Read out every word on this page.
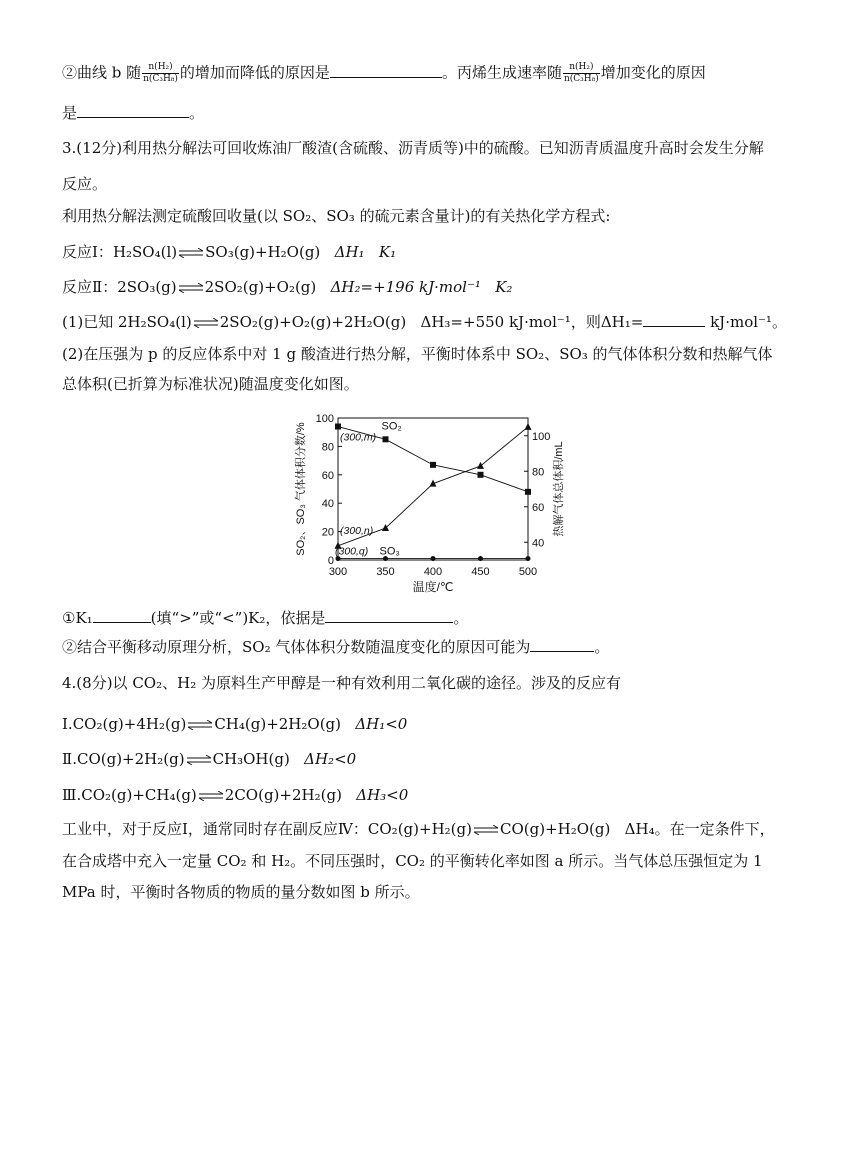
②曲线 b 随 $\frac{\text{n(H₂)}}{\text{n(C₃H₈)}}$ 的增加而降低的原因是	。丙烯生成速率随 $\frac{\text{n(H₂)}}{\text{n(C₃H₈)}}$ 增加变化的原因
是	。
3.(12分)利用热分解法可回收炼油厂酸渣(含硫酸、沥青质等)中的硫酸。已知沥青质温度升高时会发生分解
反应。
利用热分解法测定硫酸回收量(以 SO₂、SO₃ 的硫元素含量计)的有关热化学方程式:
反应Ⅰ：H₂SO₄(l)⇌SO₃(g)+H₂O(g) ΔH₁ K₁
反应Ⅱ：2SO₃(g)⇌2SO₂(g)+O₂(g) ΔH₂=+196 kJ·mol⁻¹ K₂
(1)已知 2H₂SO₄(l)⇌2SO₂(g)+O₂(g)+2H₂O(g) ΔH₃=+550 kJ·mol⁻¹，则ΔH₁=	kJ·mol⁻¹。
(2)在压强为 p 的反应体系中对 1 g 酸渣进行热分解，平衡时体系中 SO₂、SO₃ 的气体体积分数和热解气体
总体积(已折算为标准状况)随温度变化如图。
0
20
40
60
80
100
40
60
80
100
300	350	400	450	500
温度/℃
SO₂、SO₃ 气体体积分数/%	热解气体总体积/mL
SO₂
SO₃
(300,m)
(300,n)
(300,q)
①K₁	(填“>”或“<”)K₂，依据是	。
②结合平衡移动原理分析，SO₂ 气体体积分数随温度变化的原因可能为	。
4.(8分)以 CO₂、H₂ 为原料生产甲醇是一种有效利用二氧化碳的途径。涉及的反应有
Ⅰ.CO₂(g)+4H₂(g)⇌CH₄(g)+2H₂O(g) ΔH₁<0
Ⅱ.CO(g)+2H₂(g)⇌CH₃OH(g) ΔH₂<0
Ⅲ.CO₂(g)+CH₄(g)⇌2CO(g)+2H₂(g) ΔH₃<0
工业中，对于反应Ⅰ，通常同时存在副反应Ⅳ：CO₂(g)+H₂(g)⇌CO(g)+H₂O(g) ΔH₄。在一定条件下，
在合成塔中充入一定量 CO₂ 和 H₂。不同压强时，CO₂ 的平衡转化率如图 a 所示。当气体总压强恒定为 1
MPa 时，平衡时各物质的物质的量分数如图 b 所示。
